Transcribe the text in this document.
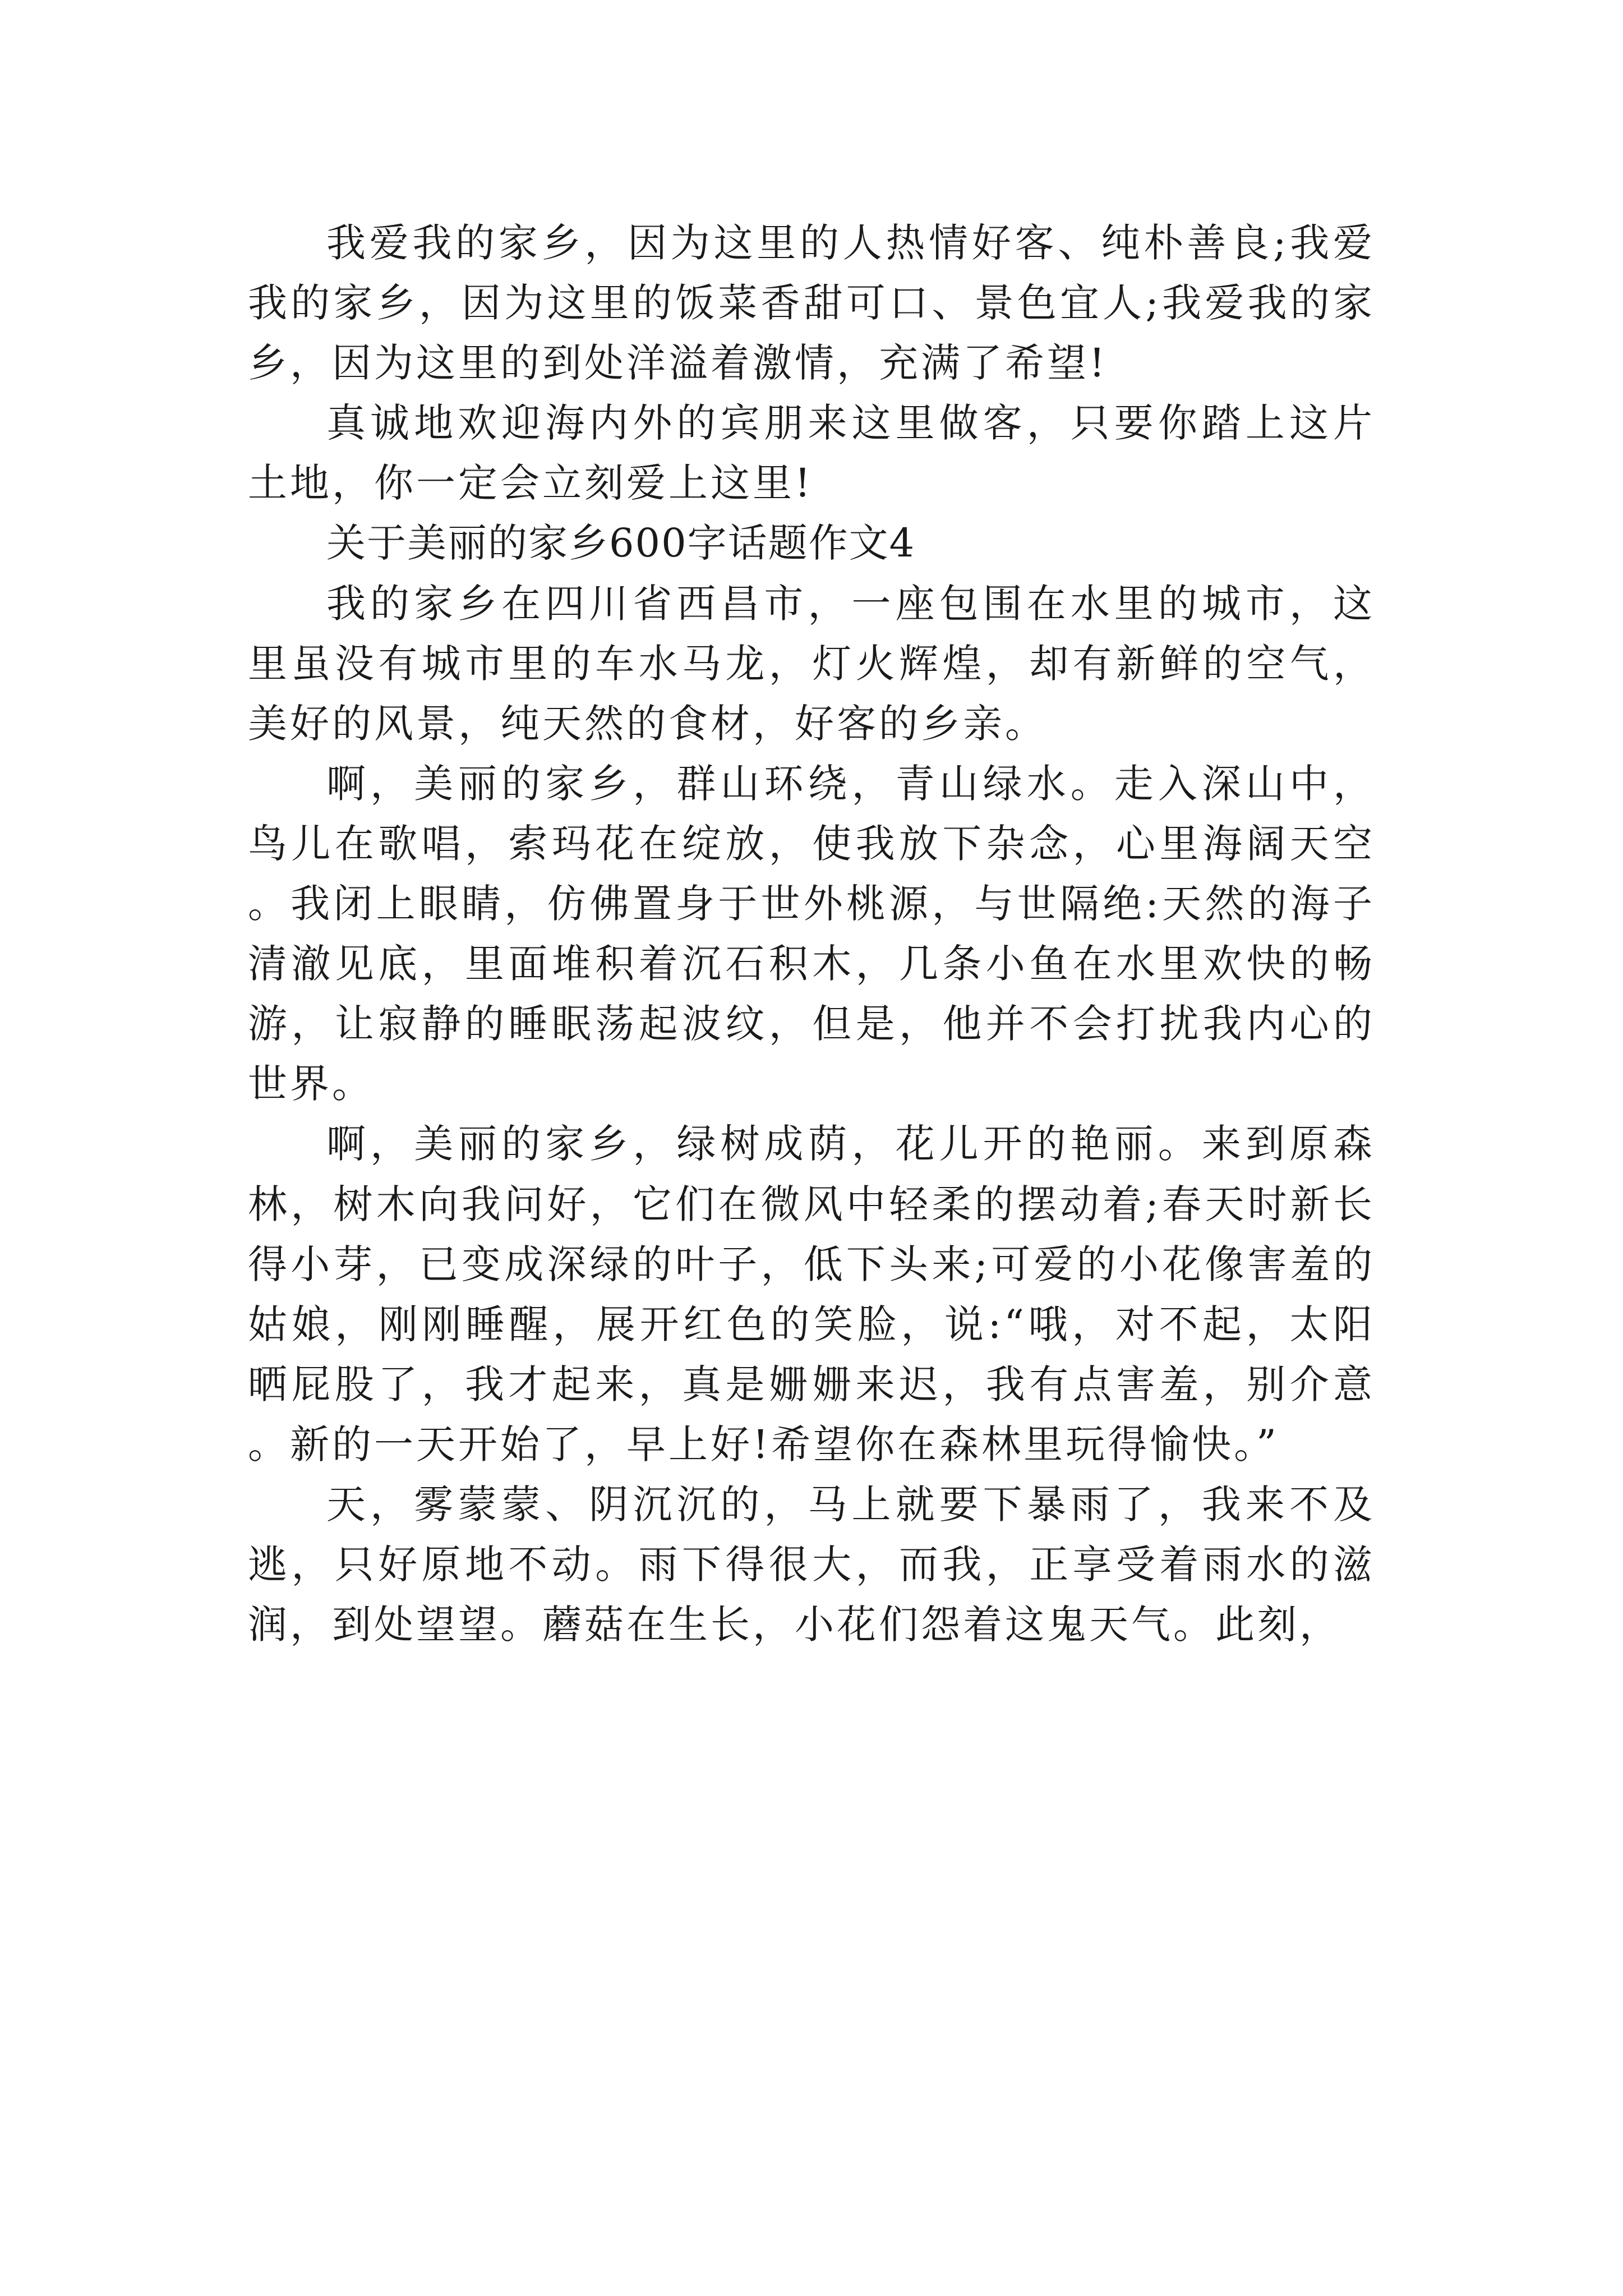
我爱我的家乡，因为这里的人热情好客、纯朴善良;我爱我的家乡，因为这里的饭菜香甜可口、景色宜人;我爱我的家乡，因为这里的到处洋溢着激情，充满了希望!

真诚地欢迎海内外的宾朋来这里做客，只要你踏上这片土地，你一定会立刻爱上这里!

关于美丽的家乡600字话题作文4

我的家乡在四川省西昌市，一座包围在水里的城市，这里虽没有城市里的车水马龙，灯火辉煌，却有新鲜的空气，美好的风景，纯天然的食材，好客的乡亲。

啊，美丽的家乡，群山环绕，青山绿水。走入深山中，鸟儿在歌唱，索玛花在绽放，使我放下杂念，心里海阔天空。我闭上眼睛，仿佛置身于世外桃源，与世隔绝:天然的海子清澈见底，里面堆积着沉石积木，几条小鱼在水里欢快的畅游，让寂静的睡眠荡起波纹，但是，他并不会打扰我内心的世界。

啊，美丽的家乡，绿树成荫，花儿开的艳丽。来到原森林，树木向我问好，它们在微风中轻柔的摆动着;春天时新长得小芽，已变成深绿的叶子，低下头来;可爱的小花像害羞的姑娘，刚刚睡醒，展开红色的笑脸，说:“哦，对不起，太阳晒屁股了，我才起来，真是姗姗来迟，我有点害羞，别介意。新的一天开始了，早上好!希望你在森林里玩得愉快。”

天，雾蒙蒙、阴沉沉的，马上就要下暴雨了，我来不及逃，只好原地不动。雨下得很大，而我，正享受着雨水的滋润，到处望望。蘑菇在生长，小花们怨着这鬼天气。此刻，
